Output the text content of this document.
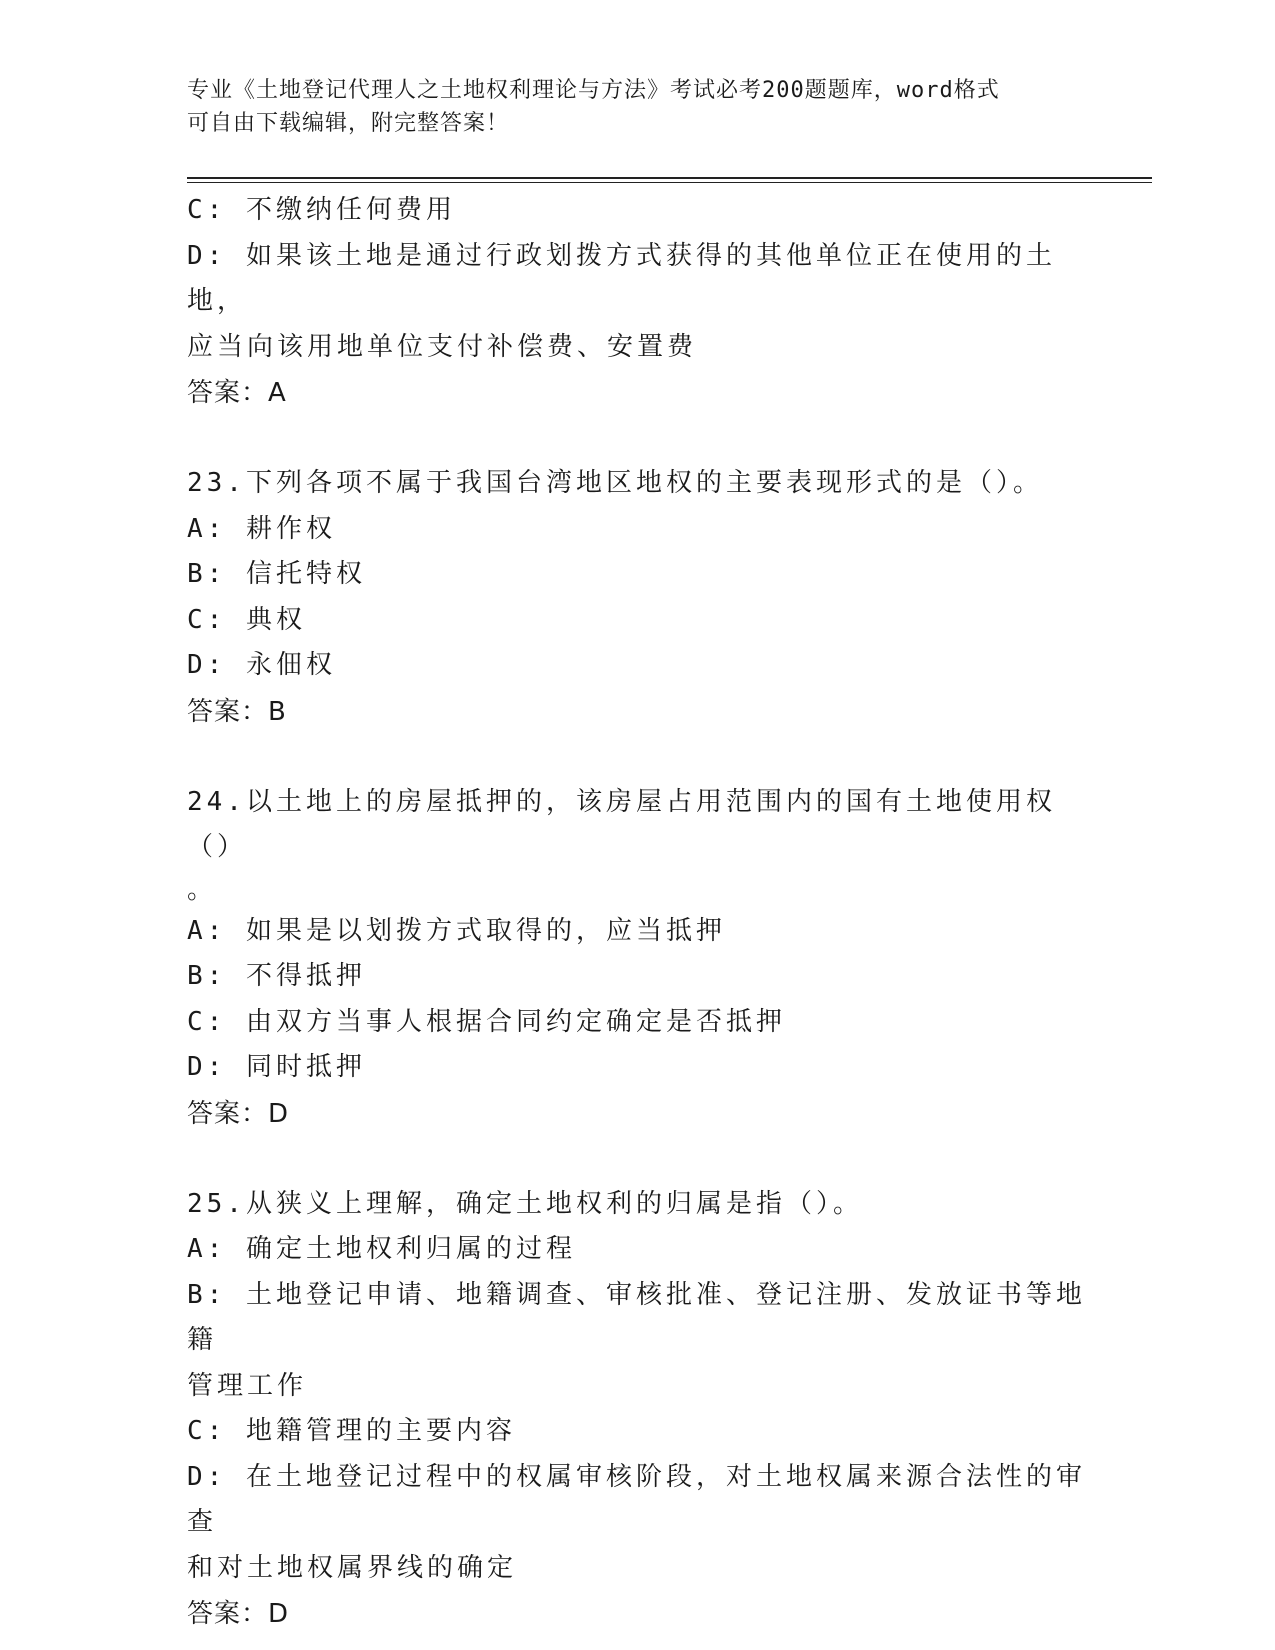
专业《土地登记代理人之土地权利理论与方法》考试必考200题题库，word格式
可自由下载编辑，附完整答案！
C: 不缴纳任何费用
D: 如果该土地是通过行政划拨方式获得的其他单位正在使用的土地，
应当向该用地单位支付补偿费、安置费
答案：A
23.下列各项不属于我国台湾地区地权的主要表现形式的是（）。
A: 耕作权
B: 信托特权
C: 典权
D: 永佃权
答案：B
24.以土地上的房屋抵押的，该房屋占用范围内的国有土地使用权（）
。
A: 如果是以划拨方式取得的，应当抵押
B: 不得抵押
C: 由双方当事人根据合同约定确定是否抵押
D: 同时抵押
答案：D
25.从狭义上理解，确定土地权利的归属是指（）。
A: 确定土地权利归属的过程
B: 土地登记申请、地籍调查、审核批准、登记注册、发放证书等地籍
管理工作
C: 地籍管理的主要内容
D: 在土地登记过程中的权属审核阶段，对土地权属来源合法性的审查
和对土地权属界线的确定
答案：D
